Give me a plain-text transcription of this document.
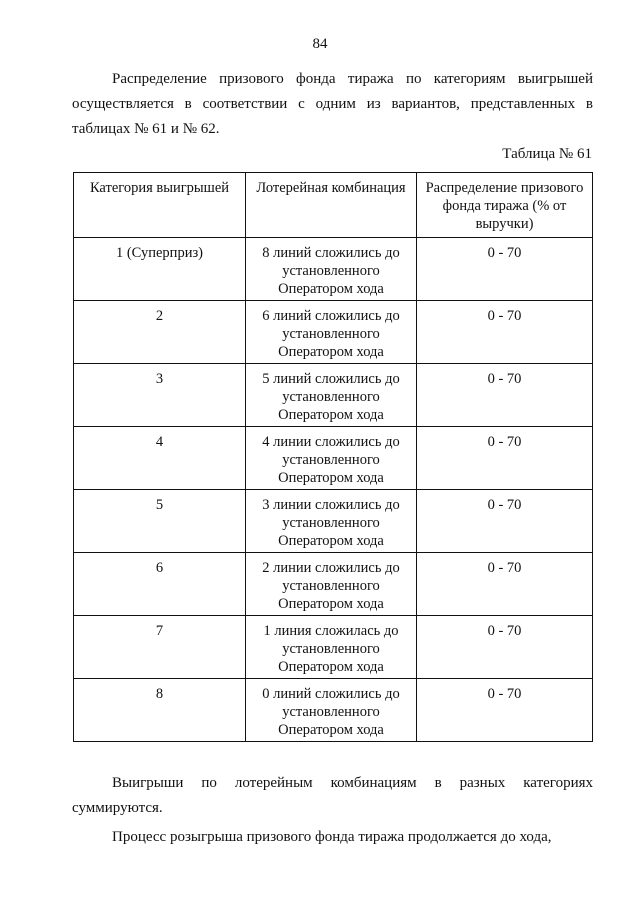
84

Распределение призового фонда тиража по категориям выигрышей осуществляется в соответствии с одним из вариантов, представленных в таблицах № 61 и № 62.

Таблица № 61
Категория выигрышей	Лотерейная комбинация	Распределение призового фонда тиража (% от выручки)
1 (Суперприз)	8 линий сложились до установленного Оператором хода	0 - 70
2	6 линий сложились до установленного Оператором хода	0 - 70
3	5 линий сложились до установленного Оператором хода	0 - 70
4	4 линии сложились до установленного Оператором хода	0 - 70
5	3 линии сложились до установленного Оператором хода	0 - 70
6	2 линии сложились до установленного Оператором хода	0 - 70
7	1 линия сложилась до установленного Оператором хода	0 - 70
8	0 линий сложились до установленного Оператором хода	0 - 70

Выигрыши по лотерейным комбинациям в разных категориях суммируются.

Процесс розыгрыша призового фонда тиража продолжается до хода,
